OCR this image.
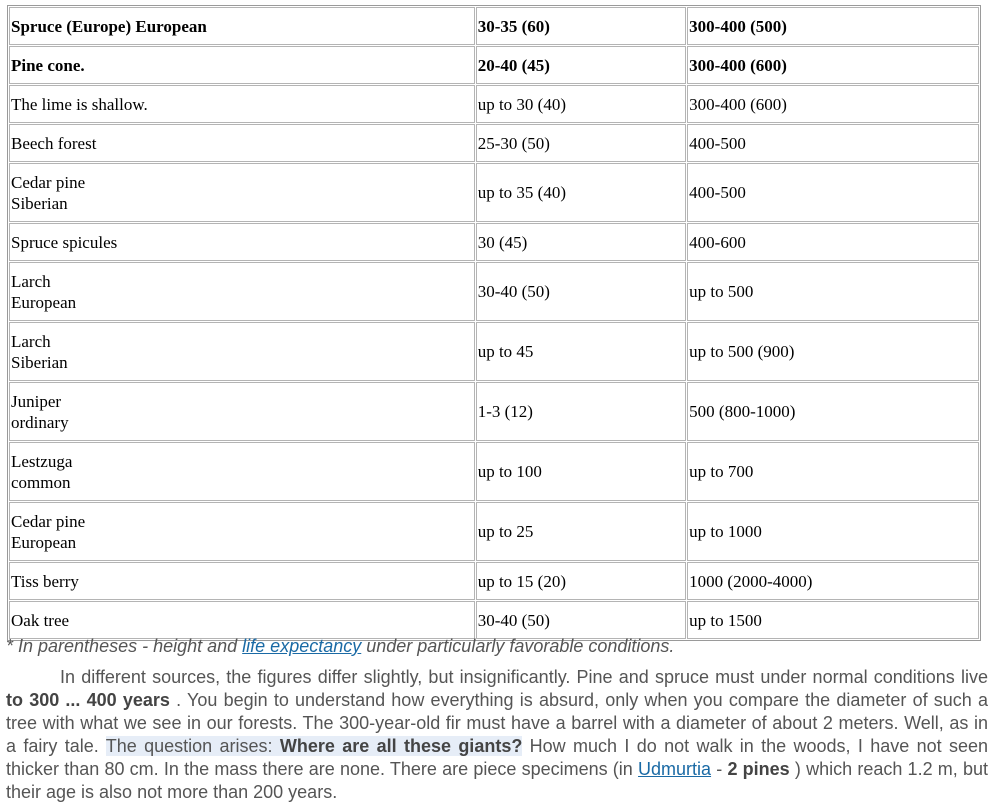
Spruce (Europe) European	30-35 (60)	300-400 (500)

Pine cone.	20-40 (45)	300-400 (600)

The lime is shallow.	up to 30 (40)	300-400 (600)

Beech forest	25-30 (50)	400-500

Cedar pine
Siberian	up to 35 (40)	400-500

Spruce spicules	30 (45)	400-600

Larch
European	30-40 (50)	up to 500

Larch
Siberian	up to 45	up to 500 (900)

Juniper
ordinary	1-3 (12)	500 (800-1000)

Lestzuga
common	up to 100	up to 700

Cedar pine
European	up to 25	up to 1000

Tiss berry	up to 15 (20)	1000 (2000-4000)

Oak tree	30-40 (50)	up to 1500
* In parentheses - height and life expectancy under particularly favorable conditions.
In different sources, the figures differ slightly, but insignificantly. Pine and spruce must under normal conditions live to 300 ... 400 years . You begin to understand how everything is absurd, only when you compare the diameter of such a tree with what we see in our forests. The 300-year-old fir must have a barrel with a diameter of about 2 meters. Well, as in a fairy tale. The question arises: Where are all these giants? How much I do not walk in the woods, I have not seen thicker than 80 cm. In the mass there are none. There are piece specimens (in Udmurtia - 2 pines ) which reach 1.2 m, but their age is also not more than 200 years.
